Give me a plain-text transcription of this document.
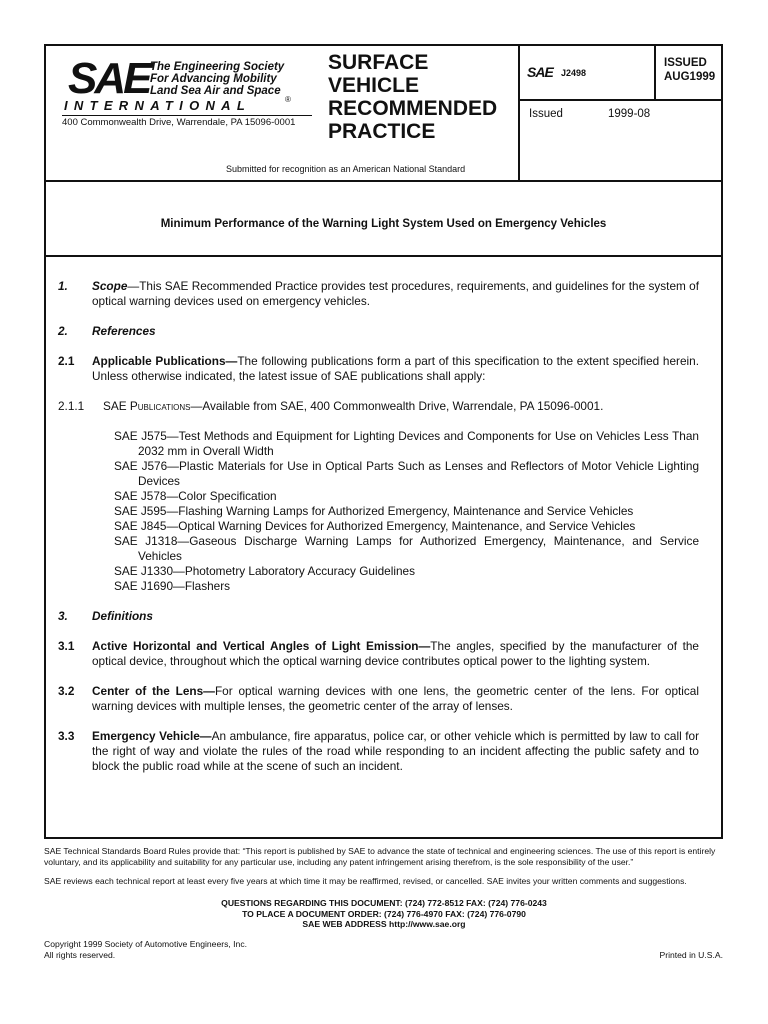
SAE The Engineering Society
For Advancing Mobility
Land Sea Air and Space
INTERNATIONAL	®
400 Commonwealth Drive, Warrendale, PA 15096-0001
SURFACE
VEHICLE
RECOMMENDED
PRACTICE
Submitted for recognition as an American National Standard
SAE J2498
ISSUED
AUG1999
Issued	1999-08
Minimum Performance of the Warning Light System Used on Emergency Vehicles
1. Scope—This SAE Recommended Practice provides test procedures, requirements, and guidelines for the system of optical warning devices used on emergency vehicles.
2. References
2.1 Applicable Publications—The following publications form a part of this specification to the extent specified herein. Unless otherwise indicated, the latest issue of SAE publications shall apply:
2.1.1 SAE Publications—Available from SAE, 400 Commonwealth Drive, Warrendale, PA 15096-0001.
SAE J575—Test Methods and Equipment for Lighting Devices and Components for Use on Vehicles Less Than 2032 mm in Overall Width
SAE J576—Plastic Materials for Use in Optical Parts Such as Lenses and Reflectors of Motor Vehicle Lighting Devices
SAE J578—Color Specification
SAE J595—Flashing Warning Lamps for Authorized Emergency, Maintenance and Service Vehicles
SAE J845—Optical Warning Devices for Authorized Emergency, Maintenance, and Service Vehicles
SAE J1318—Gaseous Discharge Warning Lamps for Authorized Emergency, Maintenance, and Service Vehicles
SAE J1330—Photometry Laboratory Accuracy Guidelines
SAE J1690—Flashers
3. Definitions
3.1 Active Horizontal and Vertical Angles of Light Emission—The angles, specified by the manufacturer of the optical device, throughout which the optical warning device contributes optical power to the lighting system.
3.2 Center of the Lens—For optical warning devices with one lens, the geometric center of the lens. For optical warning devices with multiple lenses, the geometric center of the array of lenses.
3.3 Emergency Vehicle—An ambulance, fire apparatus, police car, or other vehicle which is permitted by law to call for the right of way and violate the rules of the road while responding to an incident affecting the public safety and to block the public road while at the scene of such an incident.
SAE Technical Standards Board Rules provide that: “This report is published by SAE to advance the state of technical and engineering sciences. The use of this report is entirely voluntary, and its applicability and suitability for any particular use, including any patent infringement arising therefrom, is the sole responsibility of the user.”
SAE reviews each technical report at least every five years at which time it may be reaffirmed, revised, or cancelled. SAE invites your written comments and suggestions.
QUESTIONS REGARDING THIS DOCUMENT: (724) 772-8512 FAX: (724) 776-0243
TO PLACE A DOCUMENT ORDER: (724) 776-4970 FAX: (724) 776-0790
SAE WEB ADDRESS http://www.sae.org
Copyright 1999 Society of Automotive Engineers, Inc.
All rights reserved.	Printed in U.S.A.
